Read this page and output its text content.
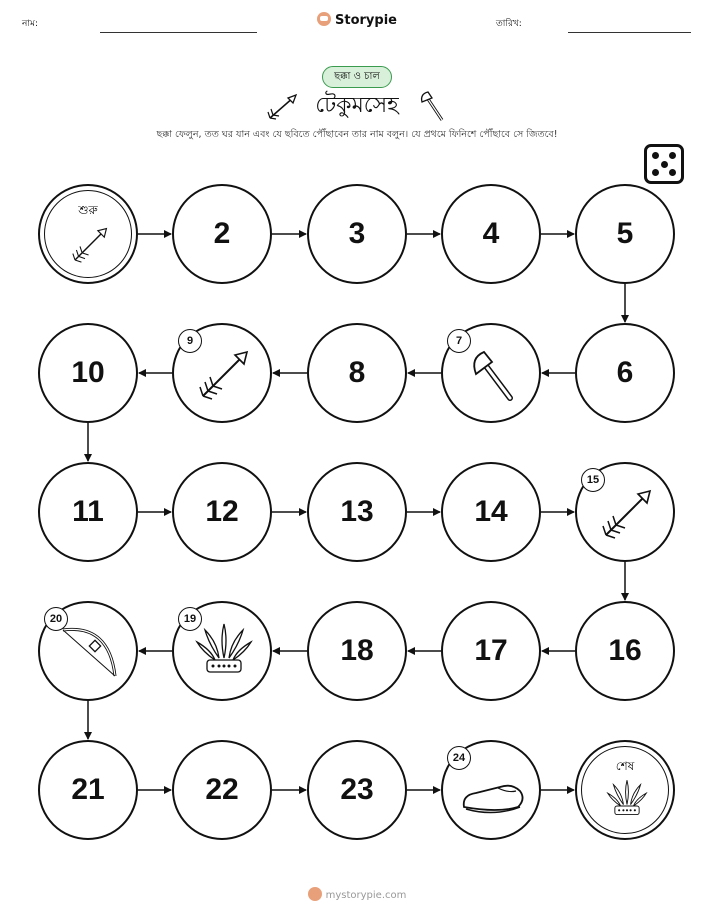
নাম:	Storypie	তারিখ:
ছক্কা ও চাল
টেকুমসেহ
ছক্কা ফেলুন, তত ঘর যান এবং যে ছবিতে পৌঁছাবেন তার নাম বলুন। যে প্রথমে ফিনিশে পৌঁছাবে সে জিতবে!
শুরু
2	3	4	5
6
7
8
9
10
11	12	13	14
15
16
17
18
19
20
21	22	23
24
শেষ
mystorypie.com
